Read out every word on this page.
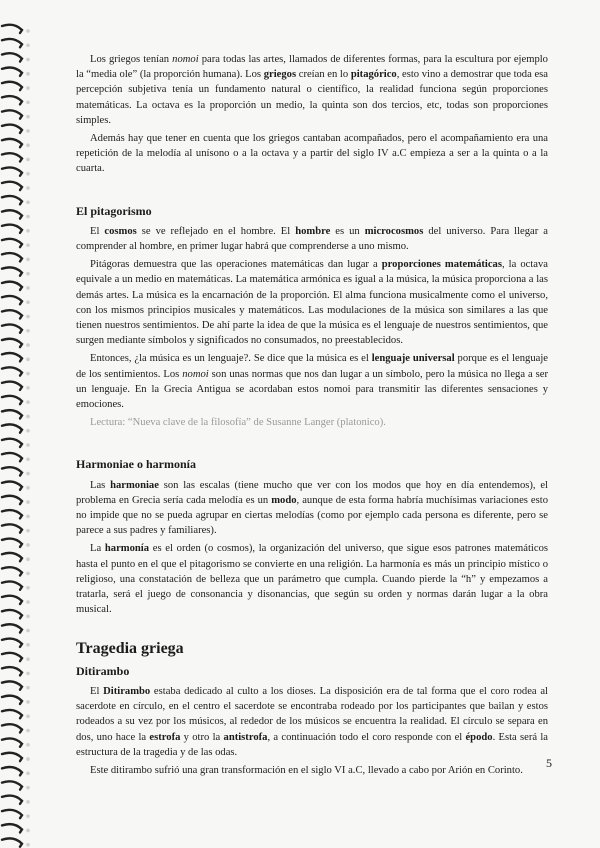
Los griegos tenían nomoi para todas las artes, llamados de diferentes formas, para la escultura por ejemplo la “media ole” (la proporción humana). Los griegos creían en lo pitagórico, esto vino a demostrar que toda esa percepción subjetiva tenía un fundamento natural o científico, la realidad funciona según proporciones matemáticas. La octava es la proporción un medio, la quinta son dos tercios, etc, todas son proporciones simples.

Además hay que tener en cuenta que los griegos cantaban acompañados, pero el acompañamiento era una repetición de la melodía al unísono o a la octava y a partir del siglo IV a.C empieza a ser a la quinta o a la cuarta.

El pitagorismo

El cosmos se ve reflejado en el hombre. El hombre es un microcosmos del universo. Para llegar a comprender al hombre, en primer lugar habrá que comprenderse a uno mismo.

Pitágoras demuestra que las operaciones matemáticas dan lugar a proporciones matemáticas, la octava equivale a un medio en matemáticas. La matemática armónica es igual a la música, la música proporciona a las demás artes. La música es la encarnación de la proporción. El alma funciona musicalmente como el universo, con los mismos principios musicales y matemáticos. Las modulaciones de la música son similares a las que tienen nuestros sentimientos. De ahí parte la idea de que la música es el lenguaje de nuestros sentimientos, que surgen mediante símbolos y significados no consumados, no preestablecidos.

Entonces, ¿la música es un lenguaje?. Se dice que la música es el lenguaje universal porque es el lenguaje de los sentimientos. Los nomoi son unas normas que nos dan lugar a un símbolo, pero la música no llega a ser un lenguaje. En la Grecia Antigua se acordaban estos nomoi para transmitir las diferentes sensaciones y emociones.

Lectura: “Nueva clave de la filosofía” de Susanne Langer (platonico).

Harmoniae o harmonía

Las harmoniae son las escalas (tiene mucho que ver con los modos que hoy en día entendemos), el problema en Grecia sería cada melodía es un modo, aunque de esta forma habría muchísimas variaciones esto no impide que no se pueda agrupar en ciertas melodías (como por ejemplo cada persona es diferente, pero se parece a sus padres y familiares).

La harmonía es el orden (o cosmos), la organización del universo, que sigue esos patrones matemáticos hasta el punto en el que el pitagorismo se convierte en una religión. La harmonía es más un principio místico o religioso, una constatación de belleza que un parámetro que cumpla. Cuando pierde la “h” y empezamos a tratarla, será el juego de consonancia y disonancias, que según su orden y normas darán lugar a la obra musical.

Tragedia griega
Ditirambo

El Ditirambo estaba dedicado al culto a los dioses. La disposición era de tal forma que el coro rodea al sacerdote en círculo, en el centro el sacerdote se encontraba rodeado por los participantes que bailan y estos rodeados a su vez por los músicos, al rededor de los músicos se encuentra la realidad. El círculo se separa en dos, uno hace la estrofa y otro la antistrofa, a continuación todo el coro responde con el épodo. Esta será la estructura de la tragedia y de las odas.

Este ditirambo sufrió una gran transformación en el siglo VI a.C, llevado a cabo por Arión en Corinto.

5
